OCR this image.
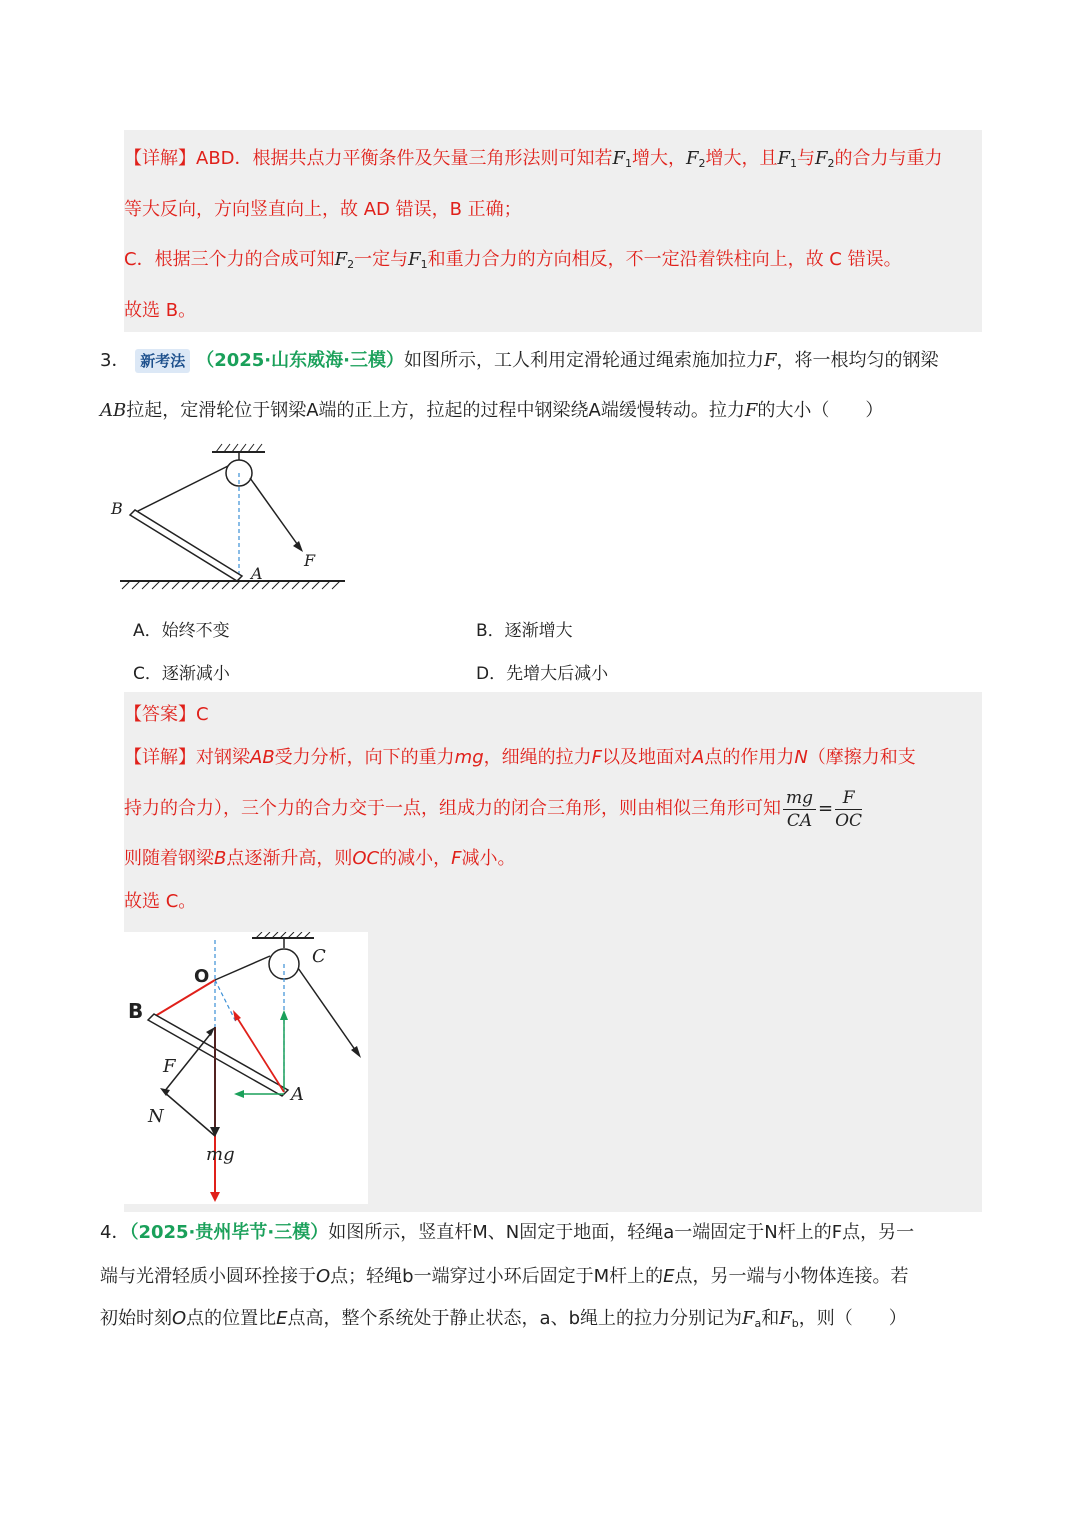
【详解】ABD．根据共点力平衡条件及矢量三角形法则可知若$F_1$增大，$F_2$增大，且$F_1$与$F_2$的合力与重力
等大反向，方向竖直向上，故 AD 错误，B 正确；
C．根据三个力的合成可知$F_2$一定与$F_1$和重力合力的方向相反，不一定沿着铁柱向上，故 C 错误。
故选 B。
3． 新考法 （2025·山东威海·三模）如图所示，工人利用定滑轮通过绳索施加拉力F，将一根均匀的钢梁
AB拉起，定滑轮位于钢梁A端的正上方，拉起的过程中钢梁绕A端缓慢转动。拉力F的大小（　　）
B
A
F
A．始终不变	B．逐渐增大
C．逐渐减小	D．先增大后减小
【答案】C
【详解】对钢梁AB受力分析，向下的重力mg，细绳的拉力F以及地面对A点的作用力N（摩擦力和支
持力的合力），三个力的合力交于一点，组成力的闭合三角形，则由相似三角形可知 $\frac{mg}{CA} = \frac{F}{OC}$
则随着钢梁B点逐渐升高，则OC的减小，F减小。
故选 C。
O
B
C
F
A
N
mg
4．（2025·贵州毕节·三模）如图所示，竖直杆M、N固定于地面，轻绳a一端固定于N杆上的F点，另一
端与光滑轻质小圆环拴接于O点；轻绳b一端穿过小环后固定于M杆上的E点，另一端与小物体连接。若
初始时刻O点的位置比E点高，整个系统处于静止状态，a、b绳上的拉力分别记为$F_a$和$F_b$，则（　　）
